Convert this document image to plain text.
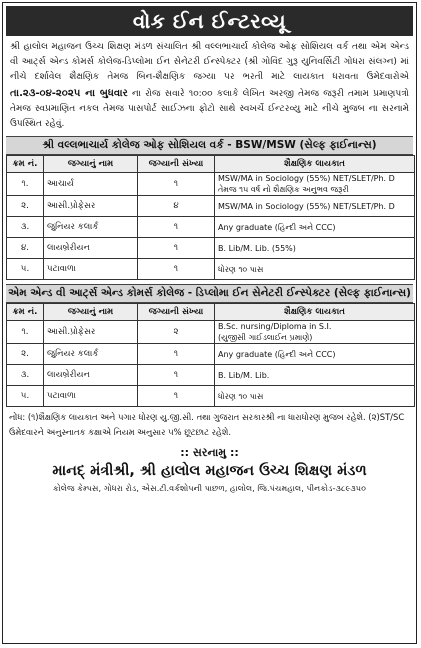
વોક ઈન ઈન્ટરવ્યૂ
શ્રી હાલોલ મહાજન ઉચ્ચ શિક્ષણ મંડળ સંચાલિત શ્રી વલ્લભાચાર્ય કોલેજ ઓફ સોશિયલ વર્ક તથા એમ એન્ડ વી આર્ટ્સ એન્ડ કોમર્સ કોલેજ-ડિપ્લોમા ઈન સેનેટરી ઈન્સ્પેક્ટર (શ્રી ગોવિંદ ગુરૂ યુનિવર્સિટી ગોધરા સંલગ્ન) માં નીચે દર્શાવેલ શૈક્ષણિક તેમજ બિન-શૈક્ષણિક જગ્યા પર ભરતી માટે લાયકાત ધરાવતા ઉમેદવારોએ તા.૨૩-૦૪-૨૦૨૫ ના બુધવાર ના રોજ સવારે ૧૦:૦૦ કલાકે લેખિત અરજી તેમજ જરૂરી તમામ પ્રમાણપત્રો તેમજ સ્વપ્રમાણિત નકલ તેમજ પાસપોર્ટ સાઈઝના ફોટો સાથે સ્વખર્ચે ઈન્ટરવ્યુ માટે નીચે મુજબ ના સરનામે ઉપસ્થિત રહેવું.
શ્રી વલ્લભાચાર્ય કોલેજ ઓફ સોશિયલ વર્ક - BSW/MSW (સેલ્ફ ફાઈનાન્સ)
ક્રમ નં.	જગ્યાનું નામ	જગ્યાની સંખ્યા	શૈક્ષણિક લાયકાત
૧.	આચાર્ય	૧	MSW/MA in Sociology (55%) NET/SLET/Ph. D
તેમજ ૧૫ વર્ષ નો શૈક્ષણિક અનુભવ જરૂરી

૨.	આસી.પ્રોફેસર	૪	MSW/MA in Sociology (55%) NET/SLET/Ph. D
૩.	જુનિયર કલાર્ક	૧	Any graduate (હિન્દી અને CCC)
૪.	લાયબ્રેરીયન	૧	B. Lib/M. Lib. (55%)
૫.	પટાવાળા	૧	ધોરણ ૧૦ પાસ
એમ એન્ડ વી આર્ટ્સ એન્ડ કોમર્સ કોલેજ - ડિપ્લોમા ઈન સેનેટરી ઈન્સ્પેક્ટર (સેલ્ફ ફાઈનાન્સ)
ક્રમ નં.	જગ્યાનું નામ	જગ્યાની સંખ્યા	શૈક્ષણિક લાયકાત
૧.	આસી.પ્રોફેસર	૨	B.Sc. nursing/Diploma in S.I.
(યુજીસી ગાઈડલાઈન પ્રમાણે)

૨.	જુનિયર કલાર્ક	૧	Any graduate (હિન્દી અને CCC)
૩.	લાયબ્રેરીયન	૧	B. Lib/M. Lib.
૫.	પટાવાળા	૧	ધોરણ ૧૦ પાસ
નોંધ: (૧)શૈક્ષણિક લાયકાત અને પગાર ધોરણ યુ.જી.સી. તથા ગુજરાત સરકારશ્રી ના ધારાધોરણ મુજબ રહેશે. (૨)ST/SC ઉમેદવારને અનુસ્નાતક કક્ષાએ નિયમ અનુસાર ૫% છૂટછાટ રહેશે.
:: સરનામુ ::
માનદ્ મંત્રીશ્રી, શ્રી હાલોલ મહાજન ઉચ્ચ શિક્ષણ મંડળ
કોલેજ કેમ્પસ, ગોધરા રોડ, એસ.ટી.વર્કશોપની પાછળ, હાલોલ, જિ.પંચમહાલ, પીનકોડ-૩૮૯૩૫૦
